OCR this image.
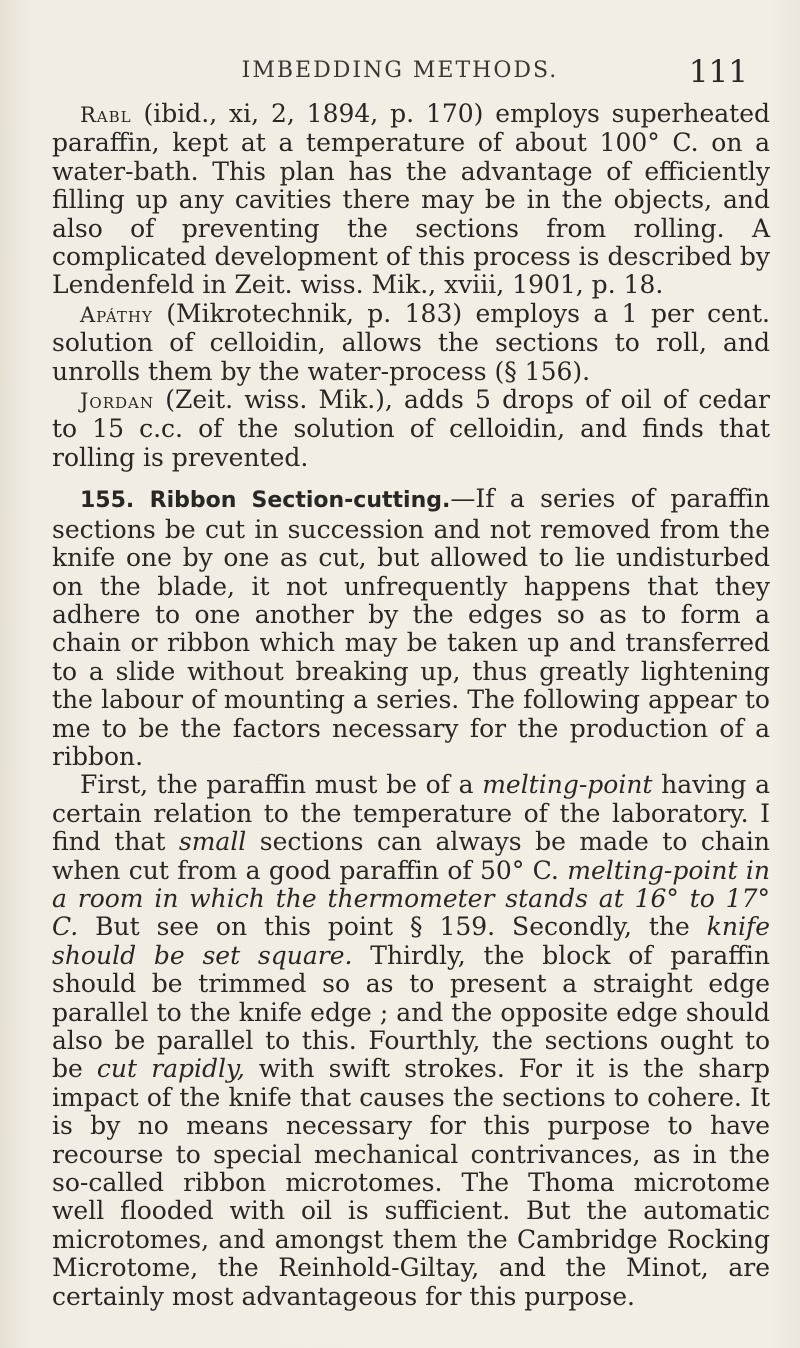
IMBEDDING METHODS.	111

Rabl (ibid., xi, 2, 1894, p. 170) employs superheated paraffin, kept at a temperature of about 100° C. on a water-bath. This plan has the advantage of efficiently filling up any cavities there may be in the objects, and also of preventing the sections from rolling. A complicated development of this process is described by Lendenfeld in Zeit. wiss. Mik., xviii, 1901, p. 18.

Apáthy (Mikrotechnik, p. 183) employs a 1 per cent. solution of celloidin, allows the sections to roll, and unrolls them by the water-process (§ 156).

Jordan (Zeit. wiss. Mik.), adds 5 drops of oil of cedar to 15 c.c. of the solution of celloidin, and finds that rolling is prevented.

155. Ribbon Section-cutting.—If a series of paraffin sections be cut in succession and not removed from the knife one by one as cut, but allowed to lie undisturbed on the blade, it not unfrequently happens that they adhere to one another by the edges so as to form a chain or ribbon which may be taken up and transferred to a slide without breaking up, thus greatly lightening the labour of mounting a series. The following appear to me to be the factors necessary for the production of a ribbon.

First, the paraffin must be of a melting-point having a certain relation to the temperature of the laboratory. I find that small sections can always be made to chain when cut from a good paraffin of 50° C. melting-point in a room in which the thermometer stands at 16° to 17° C. But see on this point § 159. Secondly, the knife should be set square. Thirdly, the block of paraffin should be trimmed so as to present a straight edge parallel to the knife edge ; and the opposite edge should also be parallel to this. Fourthly, the sections ought to be cut rapidly, with swift strokes. For it is the sharp impact of the knife that causes the sections to cohere. It is by no means necessary for this purpose to have recourse to special mechanical contrivances, as in the so-called ribbon microtomes. The Thoma microtome well flooded with oil is sufficient. But the automatic microtomes, and amongst them the Cambridge Rocking Microtome, the Reinhold-Giltay, and the Minot, are certainly most advantageous for this purpose.
